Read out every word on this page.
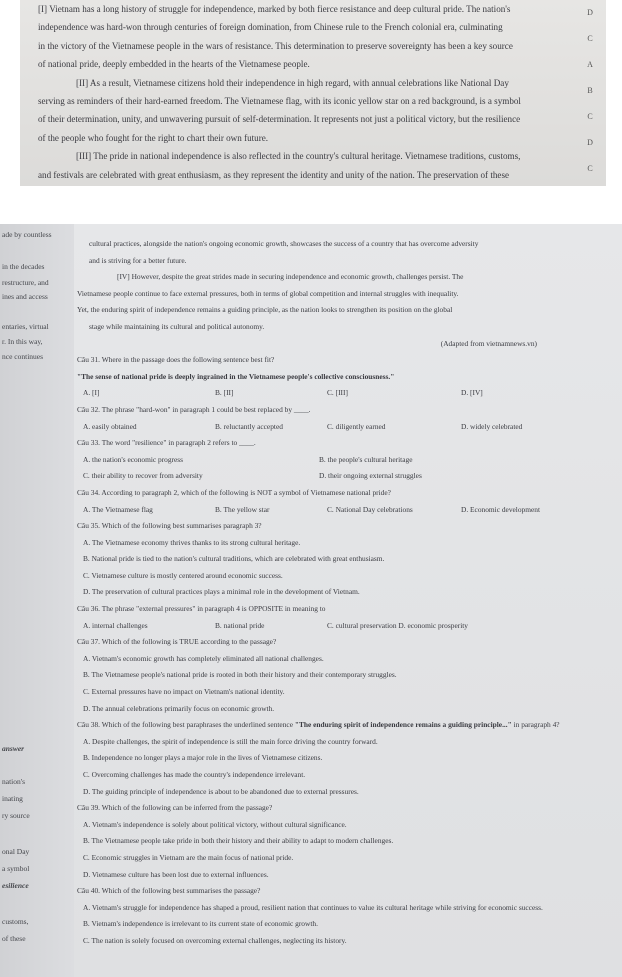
[I] Vietnam has a long history of struggle for independence, marked by both fierce resistance and deep cultural pride. The nation's

independence was hard-won through centuries of foreign domination, from Chinese rule to the French colonial era, culminating

in the victory of the Vietnamese people in the wars of resistance. This determination to preserve sovereignty has been a key source

of national pride, deeply embedded in the hearts of the Vietnamese people.

[II] As a result, Vietnamese citizens hold their independence in high regard, with annual celebrations like National Day

serving as reminders of their hard-earned freedom. The Vietnamese flag, with its iconic yellow star on a red background, is a symbol

of their determination, unity, and unwavering pursuit of self-determination. It represents not just a political victory, but the resilience

of the people who fought for the right to chart their own future.

[III] The pride in national independence is also reflected in the country's cultural heritage. Vietnamese traditions, customs,

and festivals are celebrated with great enthusiasm, as they represent the identity and unity of the nation. The preservation of these

D
C
A
B
C
D
C
ade by countless
in the decades
restructure, and
ines and access
entaries, virtual
r. In this way,
nce continues
answer
nation's
inating
ry source
onal Day
a symbol
esilience
customs,
of these

cultural practices, alongside the nation's ongoing economic growth, showcases the success of a country that has overcome adversity

and is striving for a better future.

[IV] However, despite the great strides made in securing independence and economic growth, challenges persist. The

Vietnamese people continue to face external pressures, both in terms of global competition and internal struggles with inequality.

Yet, the enduring spirit of independence remains a guiding principle, as the nation looks to strengthen its position on the global

stage while maintaining its cultural and political autonomy.

(Adapted from vietnamnews.vn)

Câu 31. Where in the passage does the following sentence best fit?

"The sense of national pride is deeply ingrained in the Vietnamese people's collective consciousness."

A. [I]	B. [II]	C. [III]	D. [IV]

Câu 32. The phrase "hard-won" in paragraph 1 could be best replaced by ____.

A. easily obtained	B. reluctantly accepted	C. diligently earned	D. widely celebrated

Câu 33. The word "resilience" in paragraph 2 refers to ____.

A. the nation's economic progress	B. the people's cultural heritage
C. their ability to recover from adversity	D. their ongoing external struggles

Câu 34. According to paragraph 2, which of the following is NOT a symbol of Vietnamese national pride?

A. The Vietnamese flag	B. The yellow star	C. National Day celebrations	D. Economic development

Câu 35. Which of the following best summarises paragraph 3?

A. The Vietnamese economy thrives thanks to its strong cultural heritage.

B. National pride is tied to the nation's cultural traditions, which are celebrated with great enthusiasm.

C. Vietnamese culture is mostly centered around economic success.

D. The preservation of cultural practices plays a minimal role in the development of Vietnam.

Câu 36. The phrase "external pressures" in paragraph 4 is OPPOSITE in meaning to

A. internal challenges	B. national pride	C. cultural preservation D. economic prosperity

Câu 37. Which of the following is TRUE according to the passage?

A. Vietnam's economic growth has completely eliminated all national challenges.

B. The Vietnamese people's national pride is rooted in both their history and their contemporary struggles.

C. External pressures have no impact on Vietnam's national identity.

D. The annual celebrations primarily focus on economic growth.

Câu 38. Which of the following best paraphrases the underlined sentence "The enduring spirit of independence remains a guiding principle..." in paragraph 4?

A. Despite challenges, the spirit of independence is still the main force driving the country forward.

B. Independence no longer plays a major role in the lives of Vietnamese citizens.

C. Overcoming challenges has made the country's independence irrelevant.

D. The guiding principle of independence is about to be abandoned due to external pressures.

Câu 39. Which of the following can be inferred from the passage?

A. Vietnam's independence is solely about political victory, without cultural significance.

B. The Vietnamese people take pride in both their history and their ability to adapt to modern challenges.

C. Economic struggles in Vietnam are the main focus of national pride.

D. Vietnamese culture has been lost due to external influences.

Câu 40. Which of the following best summarises the passage?

A. Vietnam's struggle for independence has shaped a proud, resilient nation that continues to value its cultural heritage while striving for economic success.

B. Vietnam's independence is irrelevant to its current state of economic growth.

C. The nation is solely focused on overcoming external challenges, neglecting its history.
